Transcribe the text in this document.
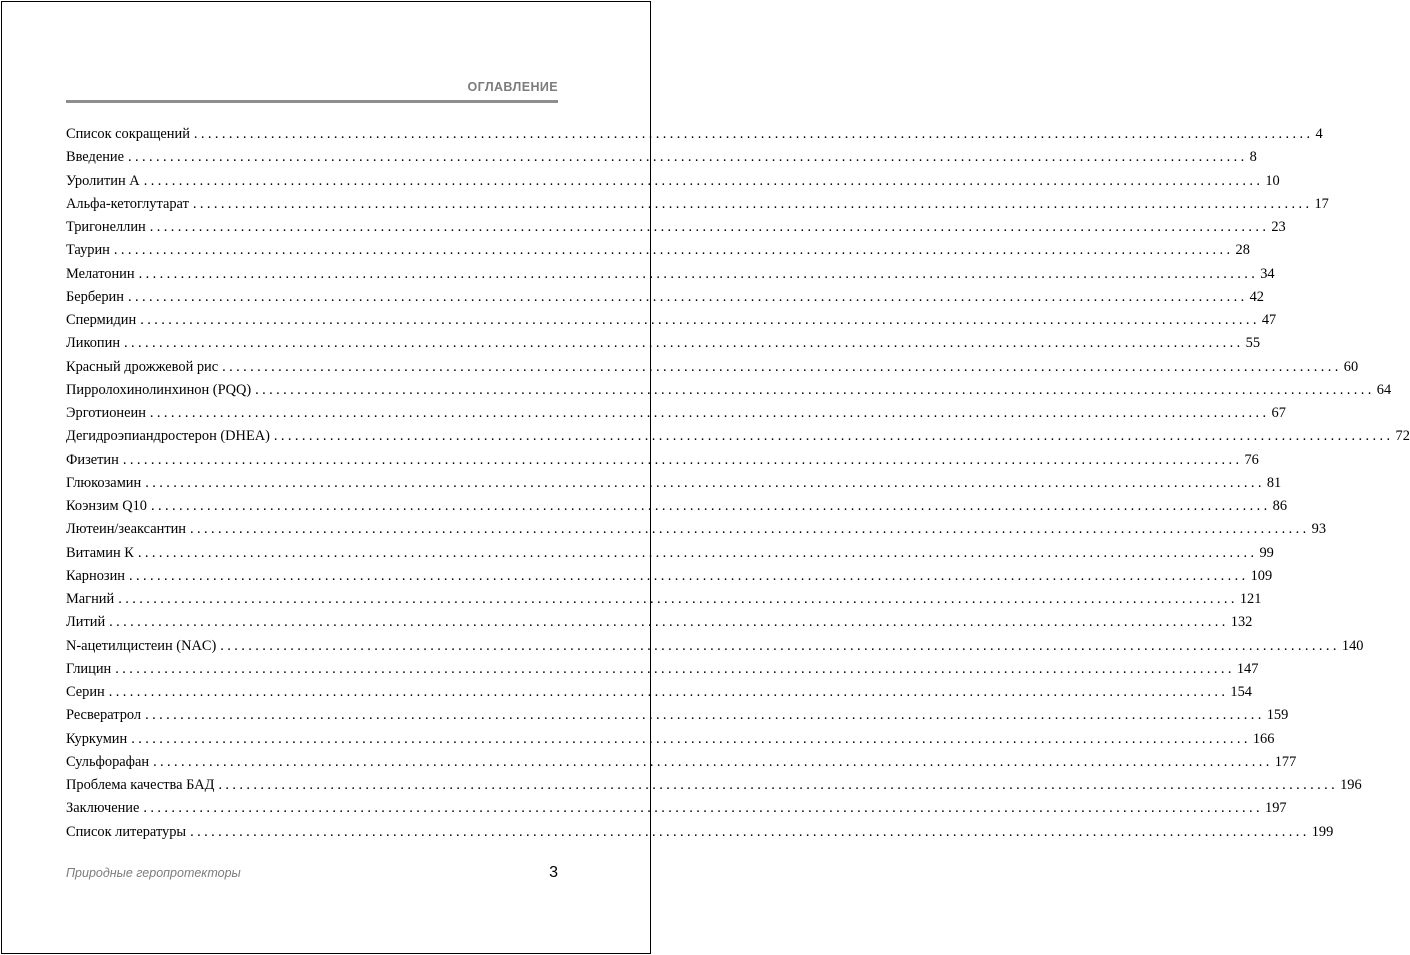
ОГЛАВЛЕНИЕ
Список сокращений ................................................................................................................................................................ 4
Введение ................................................................................................................................................................ 8
Уролитин А ................................................................................................................................................................ 10
Альфа-кетоглутарат ................................................................................................................................................................ 17
Тригонеллин ................................................................................................................................................................ 23
Таурин ................................................................................................................................................................ 28
Мелатонин ................................................................................................................................................................ 34
Берберин ................................................................................................................................................................ 42
Спермидин ................................................................................................................................................................ 47
Ликопин ................................................................................................................................................................ 55
Красный дрожжевой рис ................................................................................................................................................................ 60
Пирролохинолинхинон (PQQ) ................................................................................................................................................................ 64
Эрготионеин ................................................................................................................................................................ 67
Дегидроэпиандростерон (DHEA) ................................................................................................................................................................ 72
Физетин ................................................................................................................................................................ 76
Глюкозамин ................................................................................................................................................................ 81
Коэнзим Q10 ................................................................................................................................................................ 86
Лютеин/зеаксантин ................................................................................................................................................................ 93
Витамин К ................................................................................................................................................................ 99
Карнозин ................................................................................................................................................................ 109
Магний ................................................................................................................................................................ 121
Литий ................................................................................................................................................................ 132
N-ацетилцистеин (NAC) ................................................................................................................................................................ 140
Глицин ................................................................................................................................................................ 147
Серин ................................................................................................................................................................ 154
Ресвератрол ................................................................................................................................................................ 159
Куркумин ................................................................................................................................................................ 166
Сульфорафан ................................................................................................................................................................ 177
Проблема качества БАД ................................................................................................................................................................ 196
Заключение ................................................................................................................................................................ 197
Список литературы ................................................................................................................................................................ 199
Природные геропротекторы	3
